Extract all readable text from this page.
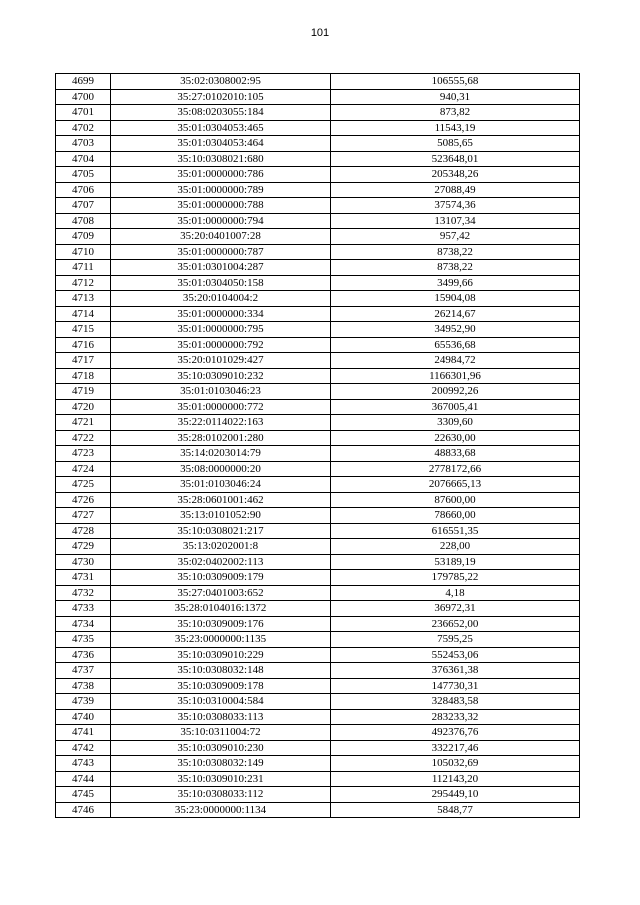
101
4699	35:02:0308002:95	106555,68
4700	35:27:0102010:105	940,31
4701	35:08:0203055:184	873,82
4702	35:01:0304053:465	11543,19
4703	35:01:0304053:464	5085,65
4704	35:10:0308021:680	523648,01
4705	35:01:0000000:786	205348,26
4706	35:01:0000000:789	27088,49
4707	35:01:0000000:788	37574,36
4708	35:01:0000000:794	13107,34
4709	35:20:0401007:28	957,42
4710	35:01:0000000:787	8738,22
4711	35:01:0301004:287	8738,22
4712	35:01:0304050:158	3499,66
4713	35:20:0104004:2	15904,08
4714	35:01:0000000:334	26214,67
4715	35:01:0000000:795	34952,90
4716	35:01:0000000:792	65536,68
4717	35:20:0101029:427	24984,72
4718	35:10:0309010:232	1166301,96
4719	35:01:0103046:23	200992,26
4720	35:01:0000000:772	367005,41
4721	35:22:0114022:163	3309,60
4722	35:28:0102001:280	22630,00
4723	35:14:0203014:79	48833,68
4724	35:08:0000000:20	2778172,66
4725	35:01:0103046:24	2076665,13
4726	35:28:0601001:462	87600,00
4727	35:13:0101052:90	78660,00
4728	35:10:0308021:217	616551,35
4729	35:13:0202001:8	228,00
4730	35:02:0402002:113	53189,19
4731	35:10:0309009:179	179785,22
4732	35:27:0401003:652	4,18
4733	35:28:0104016:1372	36972,31
4734	35:10:0309009:176	236652,00
4735	35:23:0000000:1135	7595,25
4736	35:10:0309010:229	552453,06
4737	35:10:0308032:148	376361,38
4738	35:10:0309009:178	147730,31
4739	35:10:0310004:584	328483,58
4740	35:10:0308033:113	283233,32
4741	35:10:0311004:72	492376,76
4742	35:10:0309010:230	332217,46
4743	35:10:0308032:149	105032,69
4744	35:10:0309010:231	112143,20
4745	35:10:0308033:112	295449,10
4746	35:23:0000000:1134	5848,77
